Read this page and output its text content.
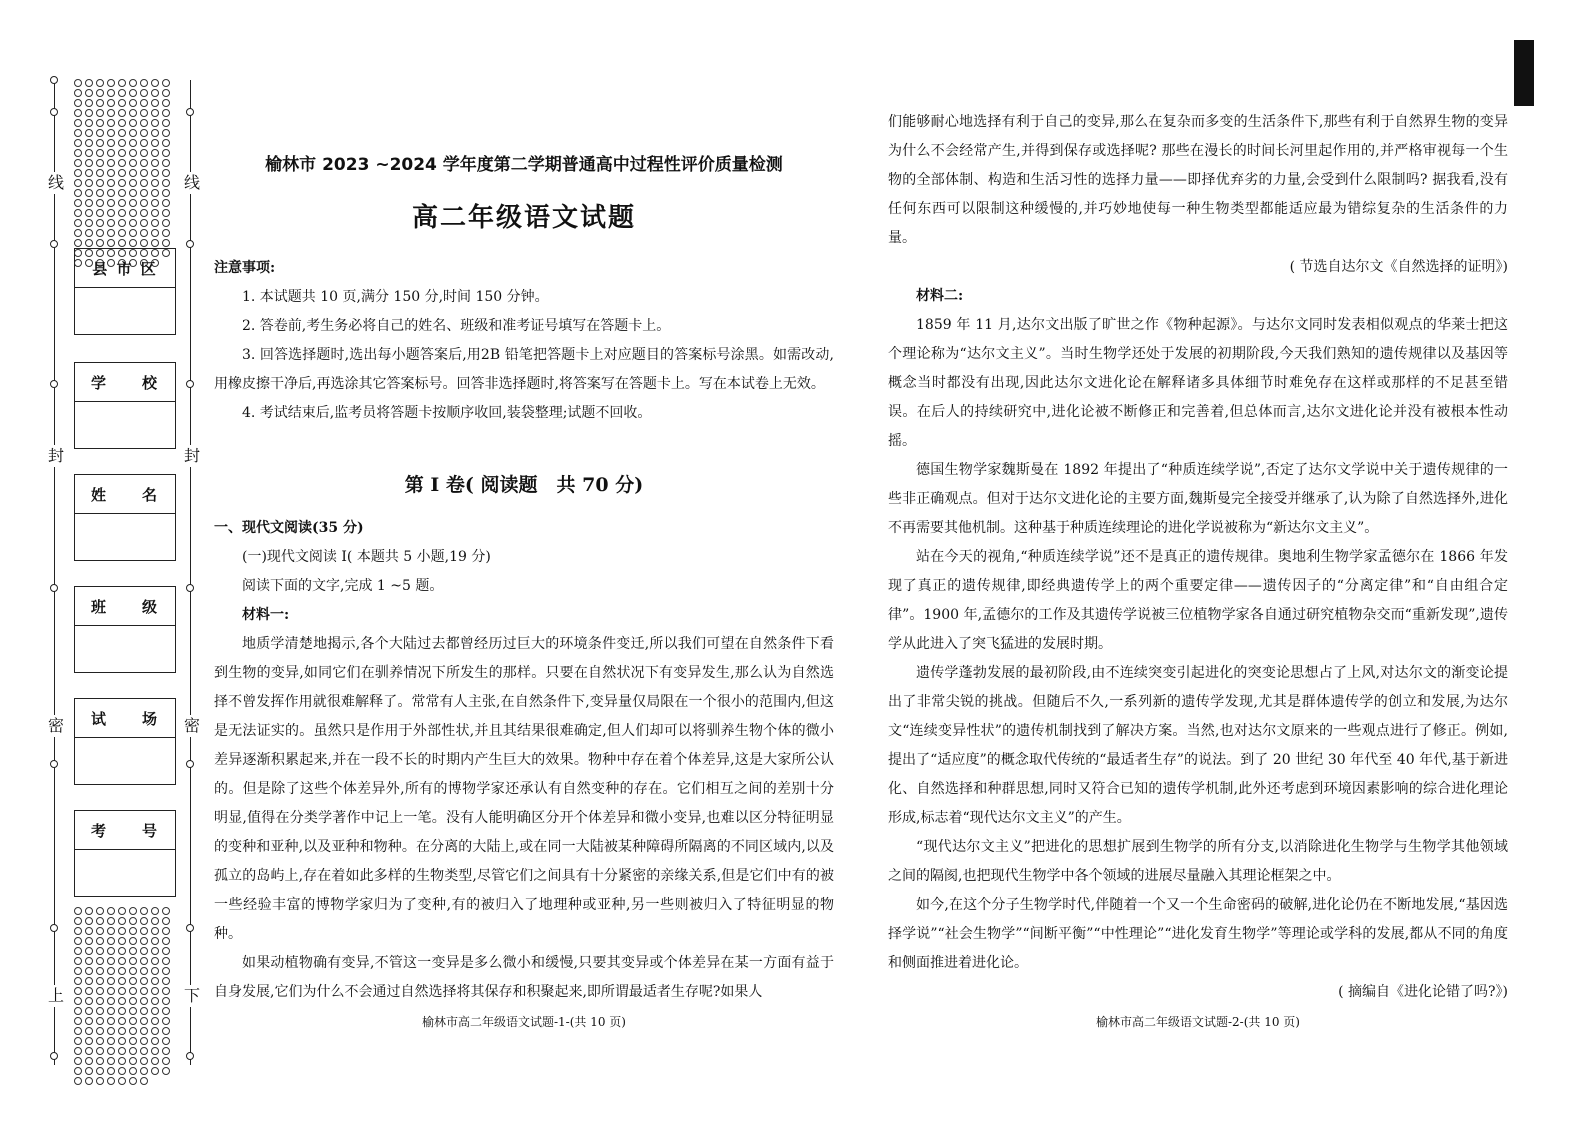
线
封
密
上
线
封
密
下
县 市 区
学　　校
姓　　名
班　　级
试　　场
考　　号
榆林市 2023 ~2024 学年度第二学期普通高中过程性评价质量检测
高二年级语文试题

注意事项:

1. 本试题共 10 页,满分 150 分,时间 150 分钟。

2. 答卷前,考生务必将自己的姓名、班级和准考证号填写在答题卡上。

3. 回答选择题时,选出每小题答案后,用2B 铅笔把答题卡上对应题目的答案标号涂黑。如需改动,用橡皮擦干净后,再选涂其它答案标号。回答非选择题时,将答案写在答题卡上。写在本试卷上无效。

4. 考试结束后,监考员将答题卡按顺序收回,装袋整理;试题不回收。

第 Ⅰ 卷( 阅读题　共 70 分)

一、现代文阅读(35 分)

(一)现代文阅读 Ⅰ( 本题共 5 小题,19 分)

阅读下面的文字,完成 1 ~5 题。

材料一:

地质学清楚地揭示,各个大陆过去都曾经历过巨大的环境条件变迁,所以我们可望在自然条件下看到生物的变异,如同它们在驯养情况下所发生的那样。只要在自然状况下有变异发生,那么认为自然选择不曾发挥作用就很难解释了。常常有人主张,在自然条件下,变异量仅局限在一个很小的范围内,但这是无法证实的。虽然只是作用于外部性状,并且其结果很难确定,但人们却可以将驯养生物个体的微小差异逐渐积累起来,并在一段不长的时期内产生巨大的效果。物种中存在着个体差异,这是大家所公认的。但是除了这些个体差异外,所有的博物学家还承认有自然变种的存在。它们相互之间的差别十分明显,值得在分类学著作中记上一笔。没有人能明确区分开个体差异和微小变异,也难以区分特征明显的变种和亚种,以及亚种和物种。在分离的大陆上,或在同一大陆被某种障碍所隔离的不同区域内,以及孤立的岛屿上,存在着如此多样的生物类型,尽管它们之间具有十分紧密的亲缘关系,但是它们中有的被一些经验丰富的博物学家归为了变种,有的被归入了地理种或亚种,另一些则被归入了特征明显的物种。

如果动植物确有变异,不管这一变异是多么微小和缓慢,只要其变异或个体差异在某一方面有益于自身发展,它们为什么不会通过自然选择将其保存和积聚起来,即所谓最适者生存呢?如果人

榆林市高二年级语文试题-1-(共 10 页)

们能够耐心地选择有利于自己的变异,那么在复杂而多变的生活条件下,那些有利于自然界生物的变异为什么不会经常产生,并得到保存或选择呢? 那些在漫长的时间长河里起作用的,并严格审视每一个生物的全部体制、构造和生活习性的选择力量——即择优弃劣的力量,会受到什么限制吗? 据我看,没有任何东西可以限制这种缓慢的,并巧妙地使每一种生物类型都能适应最为错综复杂的生活条件的力量。

( 节选自达尔文《自然选择的证明》)

材料二:

1859 年 11 月,达尔文出版了旷世之作《物种起源》。与达尔文同时发表相似观点的华莱士把这个理论称为“达尔文主义”。当时生物学还处于发展的初期阶段,今天我们熟知的遗传规律以及基因等概念当时都没有出现,因此达尔文进化论在解释诸多具体细节时难免存在这样或那样的不足甚至错误。在后人的持续研究中,进化论被不断修正和完善着,但总体而言,达尔文进化论并没有被根本性动摇。

德国生物学家魏斯曼在 1892 年提出了“种质连续学说”,否定了达尔文学说中关于遗传规律的一些非正确观点。但对于达尔文进化论的主要方面,魏斯曼完全接受并继承了,认为除了自然选择外,进化不再需要其他机制。这种基于种质连续理论的进化学说被称为“新达尔文主义”。

站在今天的视角,“种质连续学说”还不是真正的遗传规律。奥地利生物学家孟德尔在 1866 年发现了真正的遗传规律,即经典遗传学上的两个重要定律——遗传因子的“分离定律”和“自由组合定律”。1900 年,孟德尔的工作及其遗传学说被三位植物学家各自通过研究植物杂交而“重新发现”,遗传学从此进入了突飞猛进的发展时期。

遗传学蓬勃发展的最初阶段,由不连续突变引起进化的突变论思想占了上风,对达尔文的渐变论提出了非常尖锐的挑战。但随后不久,一系列新的遗传学发现,尤其是群体遗传学的创立和发展,为达尔文“连续变异性状”的遗传机制找到了解决方案。当然,也对达尔文原来的一些观点进行了修正。例如,提出了“适应度”的概念取代传统的“最适者生存”的说法。到了 20 世纪 30 年代至 40 年代,基于新进化、自然选择和种群思想,同时又符合已知的遗传学机制,此外还考虑到环境因素影响的综合进化理论形成,标志着“现代达尔文主义”的产生。

“现代达尔文主义”把进化的思想扩展到生物学的所有分支,以消除进化生物学与生物学其他领域之间的隔阂,也把现代生物学中各个领域的进展尽量融入其理论框架之中。

如今,在这个分子生物学时代,伴随着一个又一个生命密码的破解,进化论仍在不断地发展,“基因选择学说”“社会生物学”“间断平衡”“中性理论”“进化发育生物学”等理论或学科的发展,都从不同的角度和侧面推进着进化论。

( 摘编自《进化论错了吗?》)

榆林市高二年级语文试题-2-(共 10 页)
